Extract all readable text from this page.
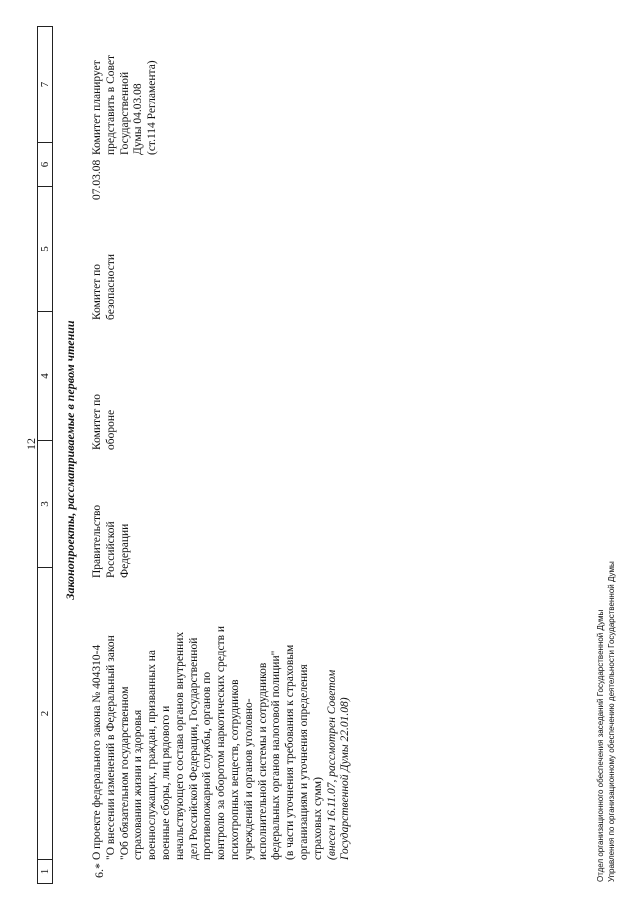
12
1
2
3
4
5
6
7
Законопроекты, рассматриваемые в первом чтении
6.*
О проекте федерального закона № 404310-4 "О внесении изменений в Федеральный закон "Об обязательном государственном страховании жизни и здоровья военнослужащих, граждан, призванных на военные сборы, лиц рядового и начальствующего состава органов внутренних дел Российской Федерации, Государственной противопожарной службы, органов по контролю за оборотом наркотических средств и психотропных веществ, сотрудников учреждений и органов уголовно- исполнительной системы и сотрудников федеральных органов налоговой полиции" (в части уточнения требования к страховым организациям и уточнения определения страховых сумм) (внесен 16.11.07, рассмотрен Советом Государственной Думы 22.01.08)
Правительство Российской Федерации
Комитет по обороне
Комитет по безопасности
07.03.08
Комитет планирует представить в Совет Государственной Думы 04.03.08 (ст.114 Регламента)
Отдел организационного обеспечения заседаний Государственной Думы Управления по организационному обеспечению деятельности Государственной Думы
